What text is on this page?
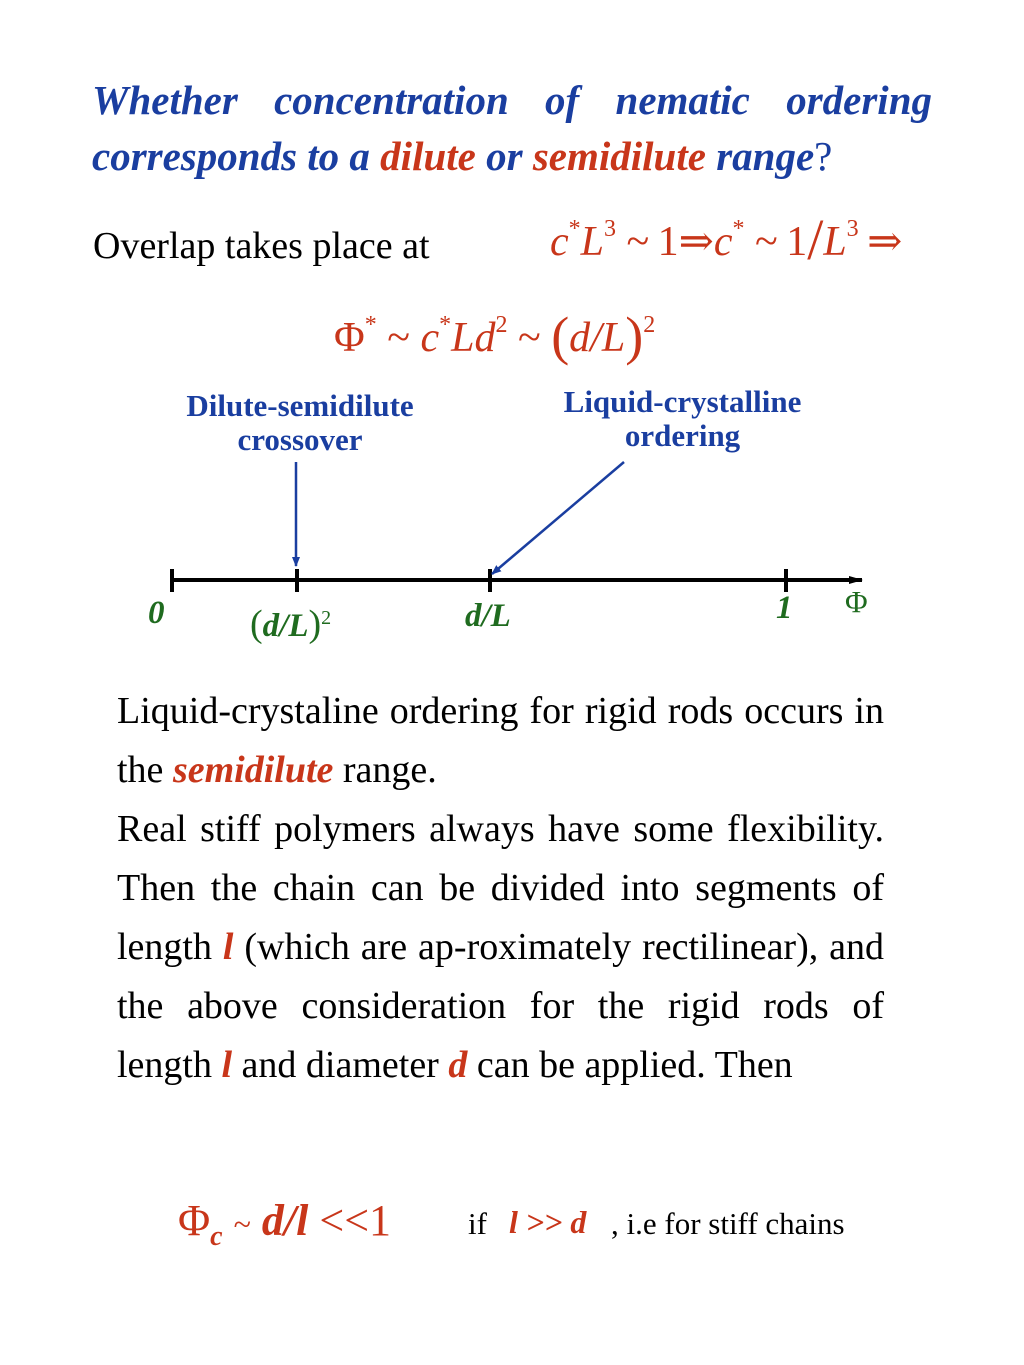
Whether concentration of nematic ordering
corresponds to a dilute or semidilute range?
Overlap takes place at	$c^*L^3$ ~  1⇒c* ~  $1/L^3$  ⇒
Φ* ~ c*Ld$^2$ ~ $(d/L)^2$
Dilute-semidilute
crossover
Liquid-crystalline
ordering
0 $(d/L)^2$	d/L	1 Φ

Liquid-crystaline ordering for rigid rods occurs in the semidilute range.

Real stiff polymers always have some flexibility. Then the chain can be divided into segments of length l (which are ap-roximately rectilinear), and the above consideration for the rigid rods of length l and diameter d can be applied. Then

$\Phi_c$ ~ d/l <<1 if l >> d , i.e for stiff chains
